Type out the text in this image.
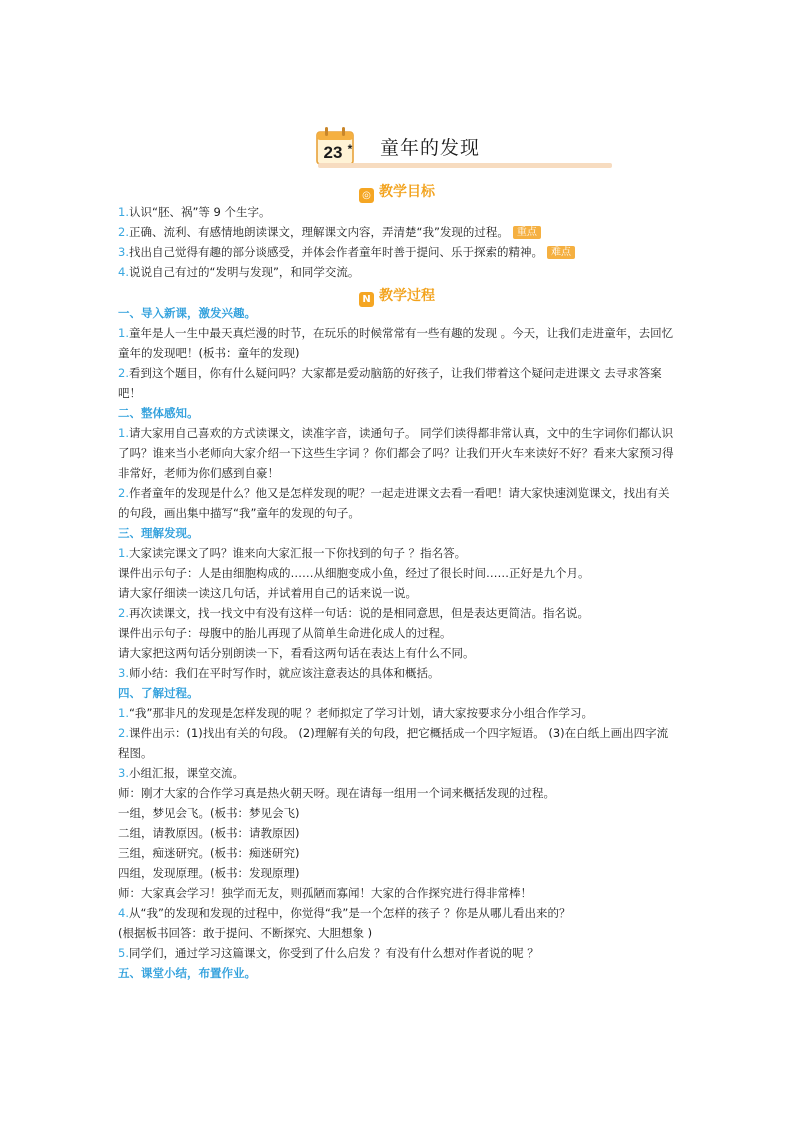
23 * 童年的发现
◎ 教学目标
1.认识“胚、祸”等 9 个生字。
2.正确、流利、有感情地朗读课文，理解课文内容，弄清楚“我”发现的过程。 重点
3.找出自己觉得有趣的部分谈感受，并体会作者童年时善于提问、乐于探索的精神。 难点
4.说说自己有过的“发明与发现”，和同学交流。
N 教学过程
一、导入新课，激发兴趣。
1.童年是人一生中最天真烂漫的时节，在玩乐的时候常常有一些有趣的发现 。今天，让我们走进童年，去回忆童年的发现吧！(板书：童年的发现)
2.看到这个题目，你有什么疑问吗？大家都是爱动脑筋的好孩子，让我们带着这个疑问走进课文 去寻求答案吧！
二、整体感知。
1.请大家用自己喜欢的方式读课文，读准字音，读通句子。 同学们读得都非常认真，文中的生字词你们都认识了吗？谁来当小老师向大家介绍一下这些生字词 ？你们都会了吗？让我们开火车来读好不好？看来大家预习得非常好，老师为你们感到自豪！
2.作者童年的发现是什么？他又是怎样发现的呢？一起走进课文去看一看吧！请大家快速浏览课文，找出有关的句段，画出集中描写“我”童年的发现的句子。
三、理解发现。
1.大家读完课文了吗？谁来向大家汇报一下你找到的句子 ？指名答。
课件出示句子：人是由细胞构成的……从细胞变成小鱼，经过了很长时间……正好是九个月。
请大家仔细读一读这几句话，并试着用自己的话来说一说。
2.再次读课文，找一找文中有没有这样一句话：说的是相同意思，但是表达更简洁。指名说。
课件出示句子：母腹中的胎儿再现了从简单生命进化成人的过程。
请大家把这两句话分别朗读一下，看看这两句话在表达上有什么不同。
3.师小结：我们在平时写作时，就应该注意表达的具体和概括。
四、了解过程。
1.“我”那非凡的发现是怎样发现的呢 ？老师拟定了学习计划，请大家按要求分小组合作学习。
2.课件出示：(1)找出有关的句段。 (2)理解有关的句段，把它概括成一个四字短语。 (3)在白纸上画出四字流程图。
3.小组汇报，课堂交流。
师：刚才大家的合作学习真是热火朝天呀。现在请每一组用一个词来概括发现的过程。
一组，梦见会飞。(板书：梦见会飞)
二组，请教原因。(板书：请教原因)
三组，痴迷研究。(板书：痴迷研究)
四组，发现原理。(板书：发现原理)
师：大家真会学习！独学而无友，则孤陋而寡闻！大家的合作探究进行得非常棒！
4.从“我”的发现和发现的过程中，你觉得“我”是一个怎样的孩子 ？你是从哪儿看出来的？
(根据板书回答：敢于提问、不断探究、大胆想象 )
5.同学们，通过学习这篇课文，你受到了什么启发 ？有没有什么想对作者说的呢 ？
五、课堂小结，布置作业。
